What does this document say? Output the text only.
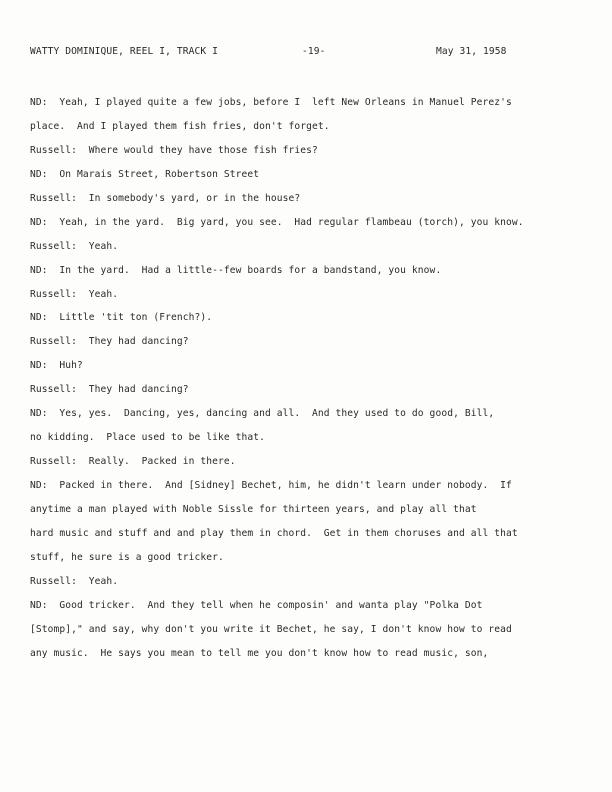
WATTY DOMINIQUE, REEL I, TRACK I	-19-	May 31, 1958
ND:  Yeah, I played quite a few jobs, before I  left New Orleans in Manuel Perez's
place.  And I played them fish fries, don't forget.
Russell:  Where would they have those fish fries?
ND:  On Marais Street, Robertson Street
Russell:  In somebody's yard, or in the house?
ND:  Yeah, in the yard.  Big yard, you see.  Had regular flambeau (torch), you know.
Russell:  Yeah.
ND:  In the yard.  Had a little--few boards for a bandstand, you know.
Russell:  Yeah.
ND:  Little 'tit ton (French?).
Russell:  They had dancing?
ND:  Huh?
Russell:  They had dancing?
ND:  Yes, yes.  Dancing, yes, dancing and all.  And they used to do good, Bill,
no kidding.  Place used to be like that.
Russell:  Really.  Packed in there.
ND:  Packed in there.  And [Sidney] Bechet, him, he didn't learn under nobody.  If
anytime a man played with Noble Sissle for thirteen years, and play all that
hard music and stuff and and play them in chord.  Get in them choruses and all that
stuff, he sure is a good tricker.
Russell:  Yeah.
ND:  Good tricker.  And they tell when he composin' and wanta play "Polka Dot
[Stomp]," and say, why don't you write it Bechet, he say, I don't know how to read
any music.  He says you mean to tell me you don't know how to read music, son,
